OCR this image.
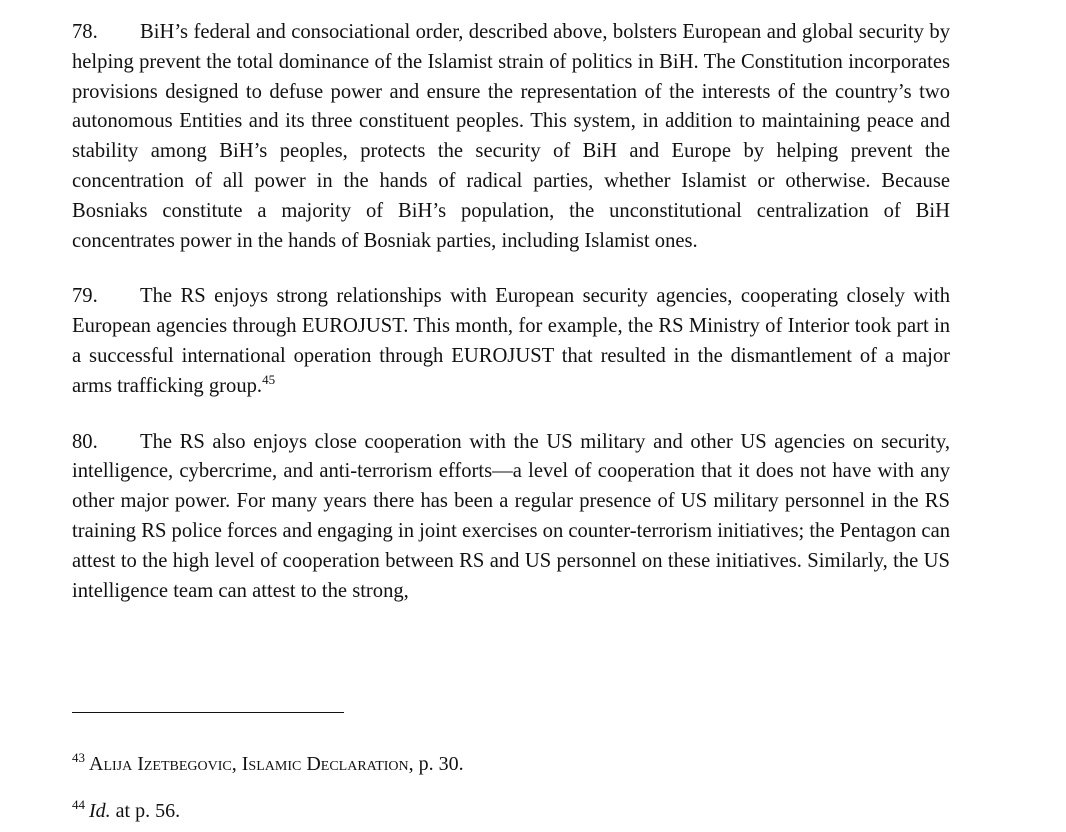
78. BiH’s federal and consociational order, described above, bolsters European and global security by helping prevent the total dominance of the Islamist strain of politics in BiH. The Constitution incorporates provisions designed to defuse power and ensure the representation of the interests of the country’s two autonomous Entities and its three constituent peoples. This system, in addition to maintaining peace and stability among BiH’s peoples, protects the security of BiH and Europe by helping prevent the concentration of all power in the hands of radical parties, whether Islamist or otherwise. Because Bosniaks constitute a majority of BiH’s population, the unconstitutional centralization of BiH concentrates power in the hands of Bosniak parties, including Islamist ones.

79. The RS enjoys strong relationships with European security agencies, cooperating closely with European agencies through EUROJUST. This month, for example, the RS Ministry of Interior took part in a successful international operation through EUROJUST that resulted in the dismantlement of a major arms trafficking group.$^{45}$

80. The RS also enjoys close cooperation with the US military and other US agencies on security, intelligence, cybercrime, and anti-terrorism efforts—a level of cooperation that it does not have with any other major power. For many years there has been a regular presence of US military personnel in the RS training RS police forces and engaging in joint exercises on counter-terrorism initiatives; the Pentagon can attest to the high level of cooperation between RS and US personnel on these initiatives. Similarly, the US intelligence team can attest to the strong,

$^{43}$ Alija Izetbegovic, Islamic Declaration, p. 30.
$^{44}$ Id. at p. 56.
